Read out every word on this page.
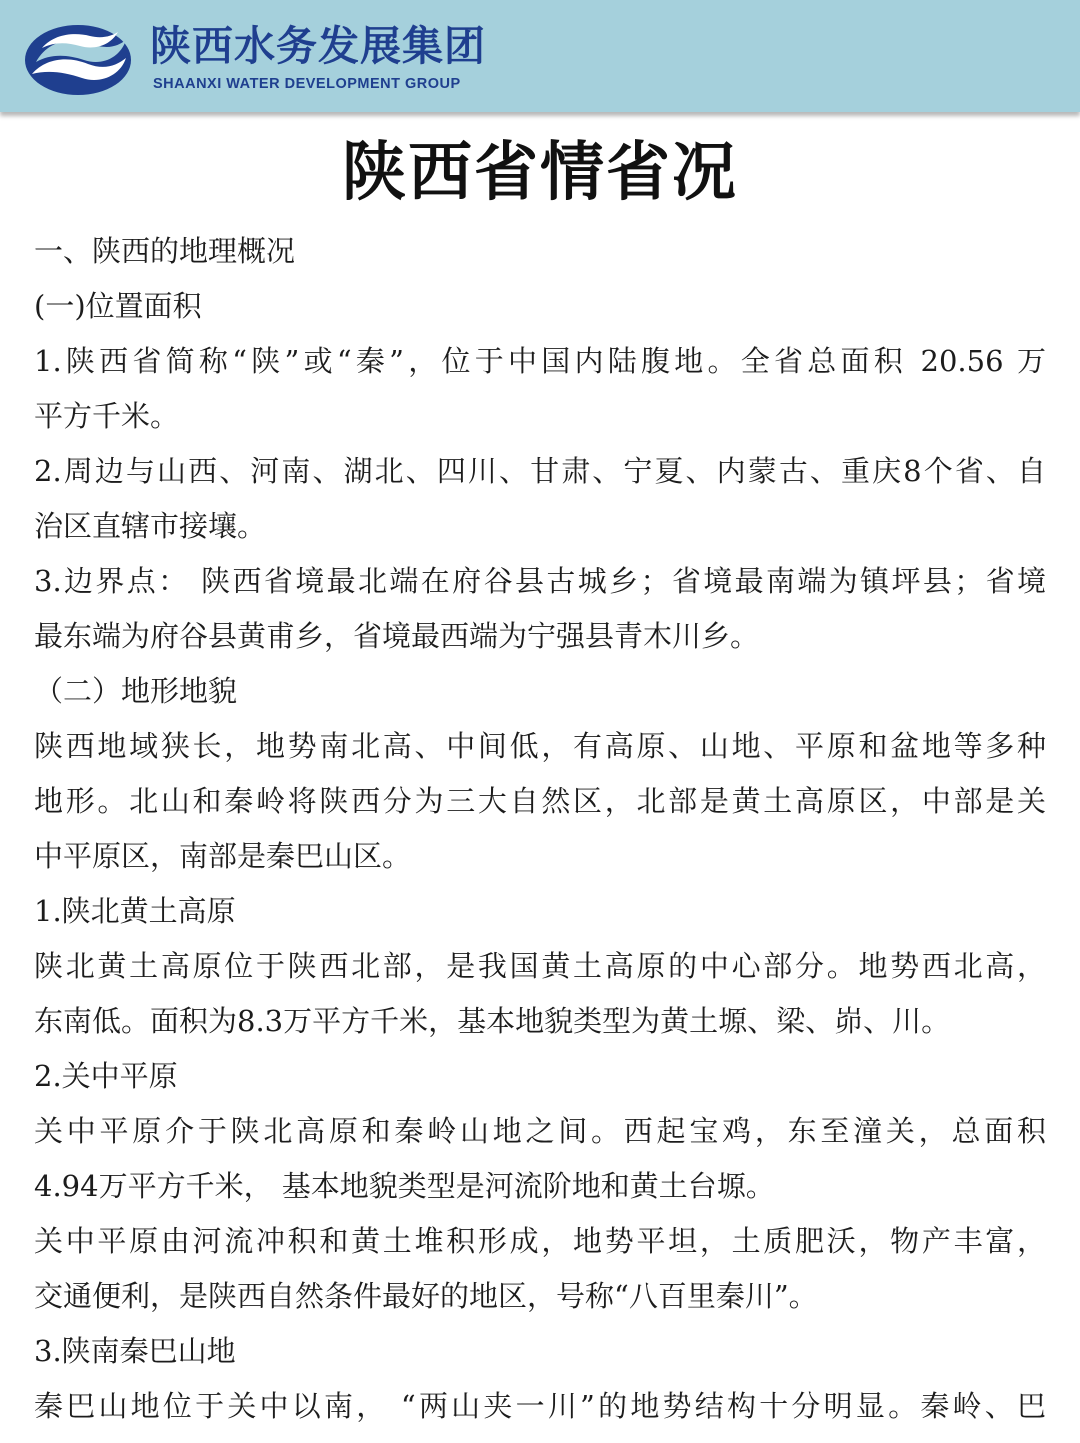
陕西水务发展集团
SHAANXI WATER DEVELOPMENT GROUP
陕西省情省况
一、陕西的地理概况
(一)位置面积
1.陕西省简称“陕”或“秦”，位于中国内陆腹地。全省总面积 20.56 万
平方千米。
2.周边与山西、河南、湖北、四川、甘肃、宁夏、内蒙古、重庆8个省、自
治区直辖市接壤。
3.边界点： 陕西省境最北端在府谷县古城乡；省境最南端为镇坪县；省境
最东端为府谷县黄甫乡，省境最西端为宁强县青木川乡。
（二）地形地貌
陕西地域狭长，地势南北高、中间低，有高原、山地、平原和盆地等多种
地形。北山和秦岭将陕西分为三大自然区，北部是黄土高原区，中部是关
中平原区，南部是秦巴山区。
1.陕北黄土高原
陕北黄土高原位于陕西北部，是我国黄土高原的中心部分。地势西北高，
东南低。面积为8.3万平方千米，基本地貌类型为黄土塬、梁、峁、川。
2.关中平原
关中平原介于陕北高原和秦岭山地之间。西起宝鸡，东至潼关，总面积
4.94万平方千米， 基本地貌类型是河流阶地和黄土台塬。
关中平原由河流冲积和黄土堆积形成，地势平坦，土质肥沃，物产丰富，
交通便利，是陕西自然条件最好的地区，号称“八百里秦川”。
3.陕南秦巴山地
秦巴山地位于关中以南， “两山夹一川”的地势结构十分明显。秦岭、巴
